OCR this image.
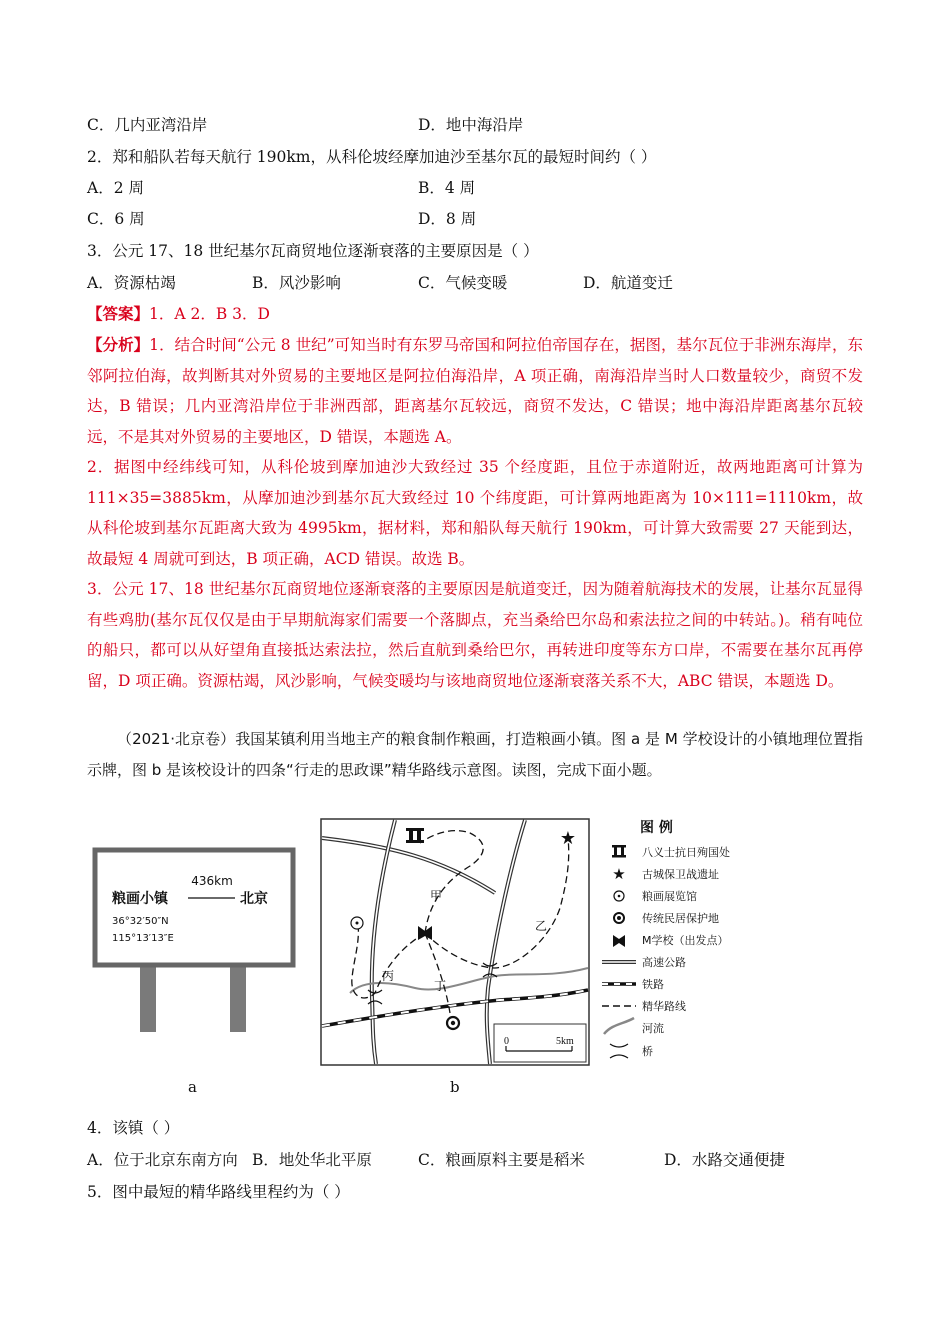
C．几内亚湾沿岸	D．地中海沿岸
2．郑和船队若每天航行 190km，从科伦坡经摩加迪沙至基尔瓦的最短时间约（ ）
A．2 周	B．4 周
C．6 周	D．8 周
3．公元 17、18 世纪基尔瓦商贸地位逐渐衰落的主要原因是（ ）
A．资源枯竭	B．风沙影响	C．气候变暖	D．航道变迁
【答案】1．A 2．B 3．D
【分析】1．结合时间“公元 8 世纪”可知当时有东罗马帝国和阿拉伯帝国存在，据图，基尔瓦位于非洲东海岸，东邻阿拉伯海，故判断其对外贸易的主要地区是阿拉伯海沿岸，A 项正确，南海沿岸当时人口数量较少，商贸不发达，B 错误；几内亚湾沿岸位于非洲西部，距离基尔瓦较远，商贸不发达，C 错误；地中海沿岸距离基尔瓦较远，不是其对外贸易的主要地区，D 错误，本题选 A。
2．据图中经纬线可知，从科伦坡到摩加迪沙大致经过 35 个经度距，且位于赤道附近，故两地距离可计算为 111×35=3885km，从摩加迪沙到基尔瓦大致经过 10 个纬度距，可计算两地距离为 10×111=1110km，故从科伦坡到基尔瓦距离大致为 4995km，据材料，郑和船队每天航行 190km，可计算大致需要 27 天能到达，故最短 4 周就可到达，B 项正确，ACD 错误。故选 B。
3．公元 17、18 世纪基尔瓦商贸地位逐渐衰落的主要原因是航道变迁，因为随着航海技术的发展，让基尔瓦显得有些鸡肋(基尔瓦仅仅是由于早期航海家们需要一个落脚点，充当桑给巴尔岛和索法拉之间的中转站。)。稍有吨位的船只，都可以从好望角直接抵达索法拉，然后直航到桑给巴尔，再转进印度等东方口岸，不需要在基尔瓦再停留，D 项正确。资源枯竭，风沙影响，气候变暖均与该地商贸地位逐渐衰落关系不大，ABC 错误，本题选 D。
（2021·北京卷）我国某镇利用当地主产的粮食制作粮画，打造粮画小镇。图 a 是 M 学校设计的小镇地理位置指示牌，图 b 是该校设计的四条“行走的思政课”精华路线示意图。读图，完成下面小题。
436km
粮画小镇	北京
36°32′50″N
115°13′13″E
a
★
甲
乙
丙
丁
0	5km
b
图 例
八义士抗日殉国处
★ 古城保卫战遗址
粮画展览馆
传统民居保护地
M学校（出发点）
高速公路
铁路
精华路线
河流
桥
4．该镇（ ）
A．位于北京东南方向 B．地处华北平原	C．粮画原料主要是稻米	D．水路交通便捷
5．图中最短的精华路线里程约为（ ）
